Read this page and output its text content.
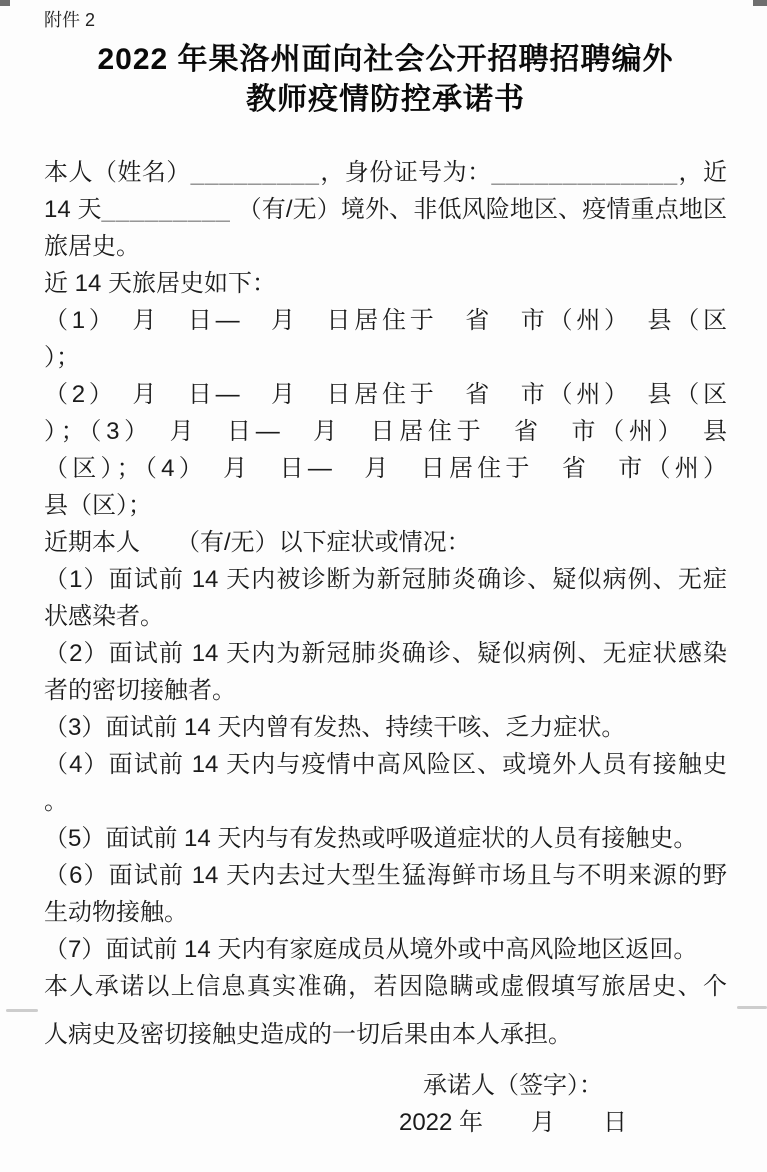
附件 2
2022 年果洛州面向社会公开招聘招聘编外
教师疫情防控承诺书
本人（姓名）_________，身份证号为：_____________，近
14 天_________ （有/无）境外、非低风险地区、疫情重点地区
旅居史。
近 14 天旅居史如下：
（1）　月　日—　月　日居住于　省　市（州）　县（区
）；
（2）　月　日—　月　日居住于　省　市（州）　县（区
）；（3）　月　日—　月　日居住于　省　市（州）　县
（区）；（4）　月　日—　月　日居住于　省　市（州）
县（区）；
近期本人　　（有/无）以下症状或情况：
（1）面试前 14 天内被诊断为新冠肺炎确诊、疑似病例、无症
状感染者。
（2）面试前 14 天内为新冠肺炎确诊、疑似病例、无症状感染
者的密切接触者。
（3）面试前 14 天内曾有发热、持续干咳、乏力症状。
（4）面试前 14 天内与疫情中高风险区、或境外人员有接触史
。
（5）面试前 14 天内与有发热或呼吸道症状的人员有接触史。
（6）面试前 14 天内去过大型生猛海鲜市场且与不明来源的野
生动物接触。
（7）面试前 14 天内有家庭成员从境外或中高风险地区返回。
本人承诺以上信息真实准确，若因隐瞒或虚假填写旅居史、个
人病史及密切接触史造成的一切后果由本人承担。
承诺人（签字）：
2022 年　　月　　日
